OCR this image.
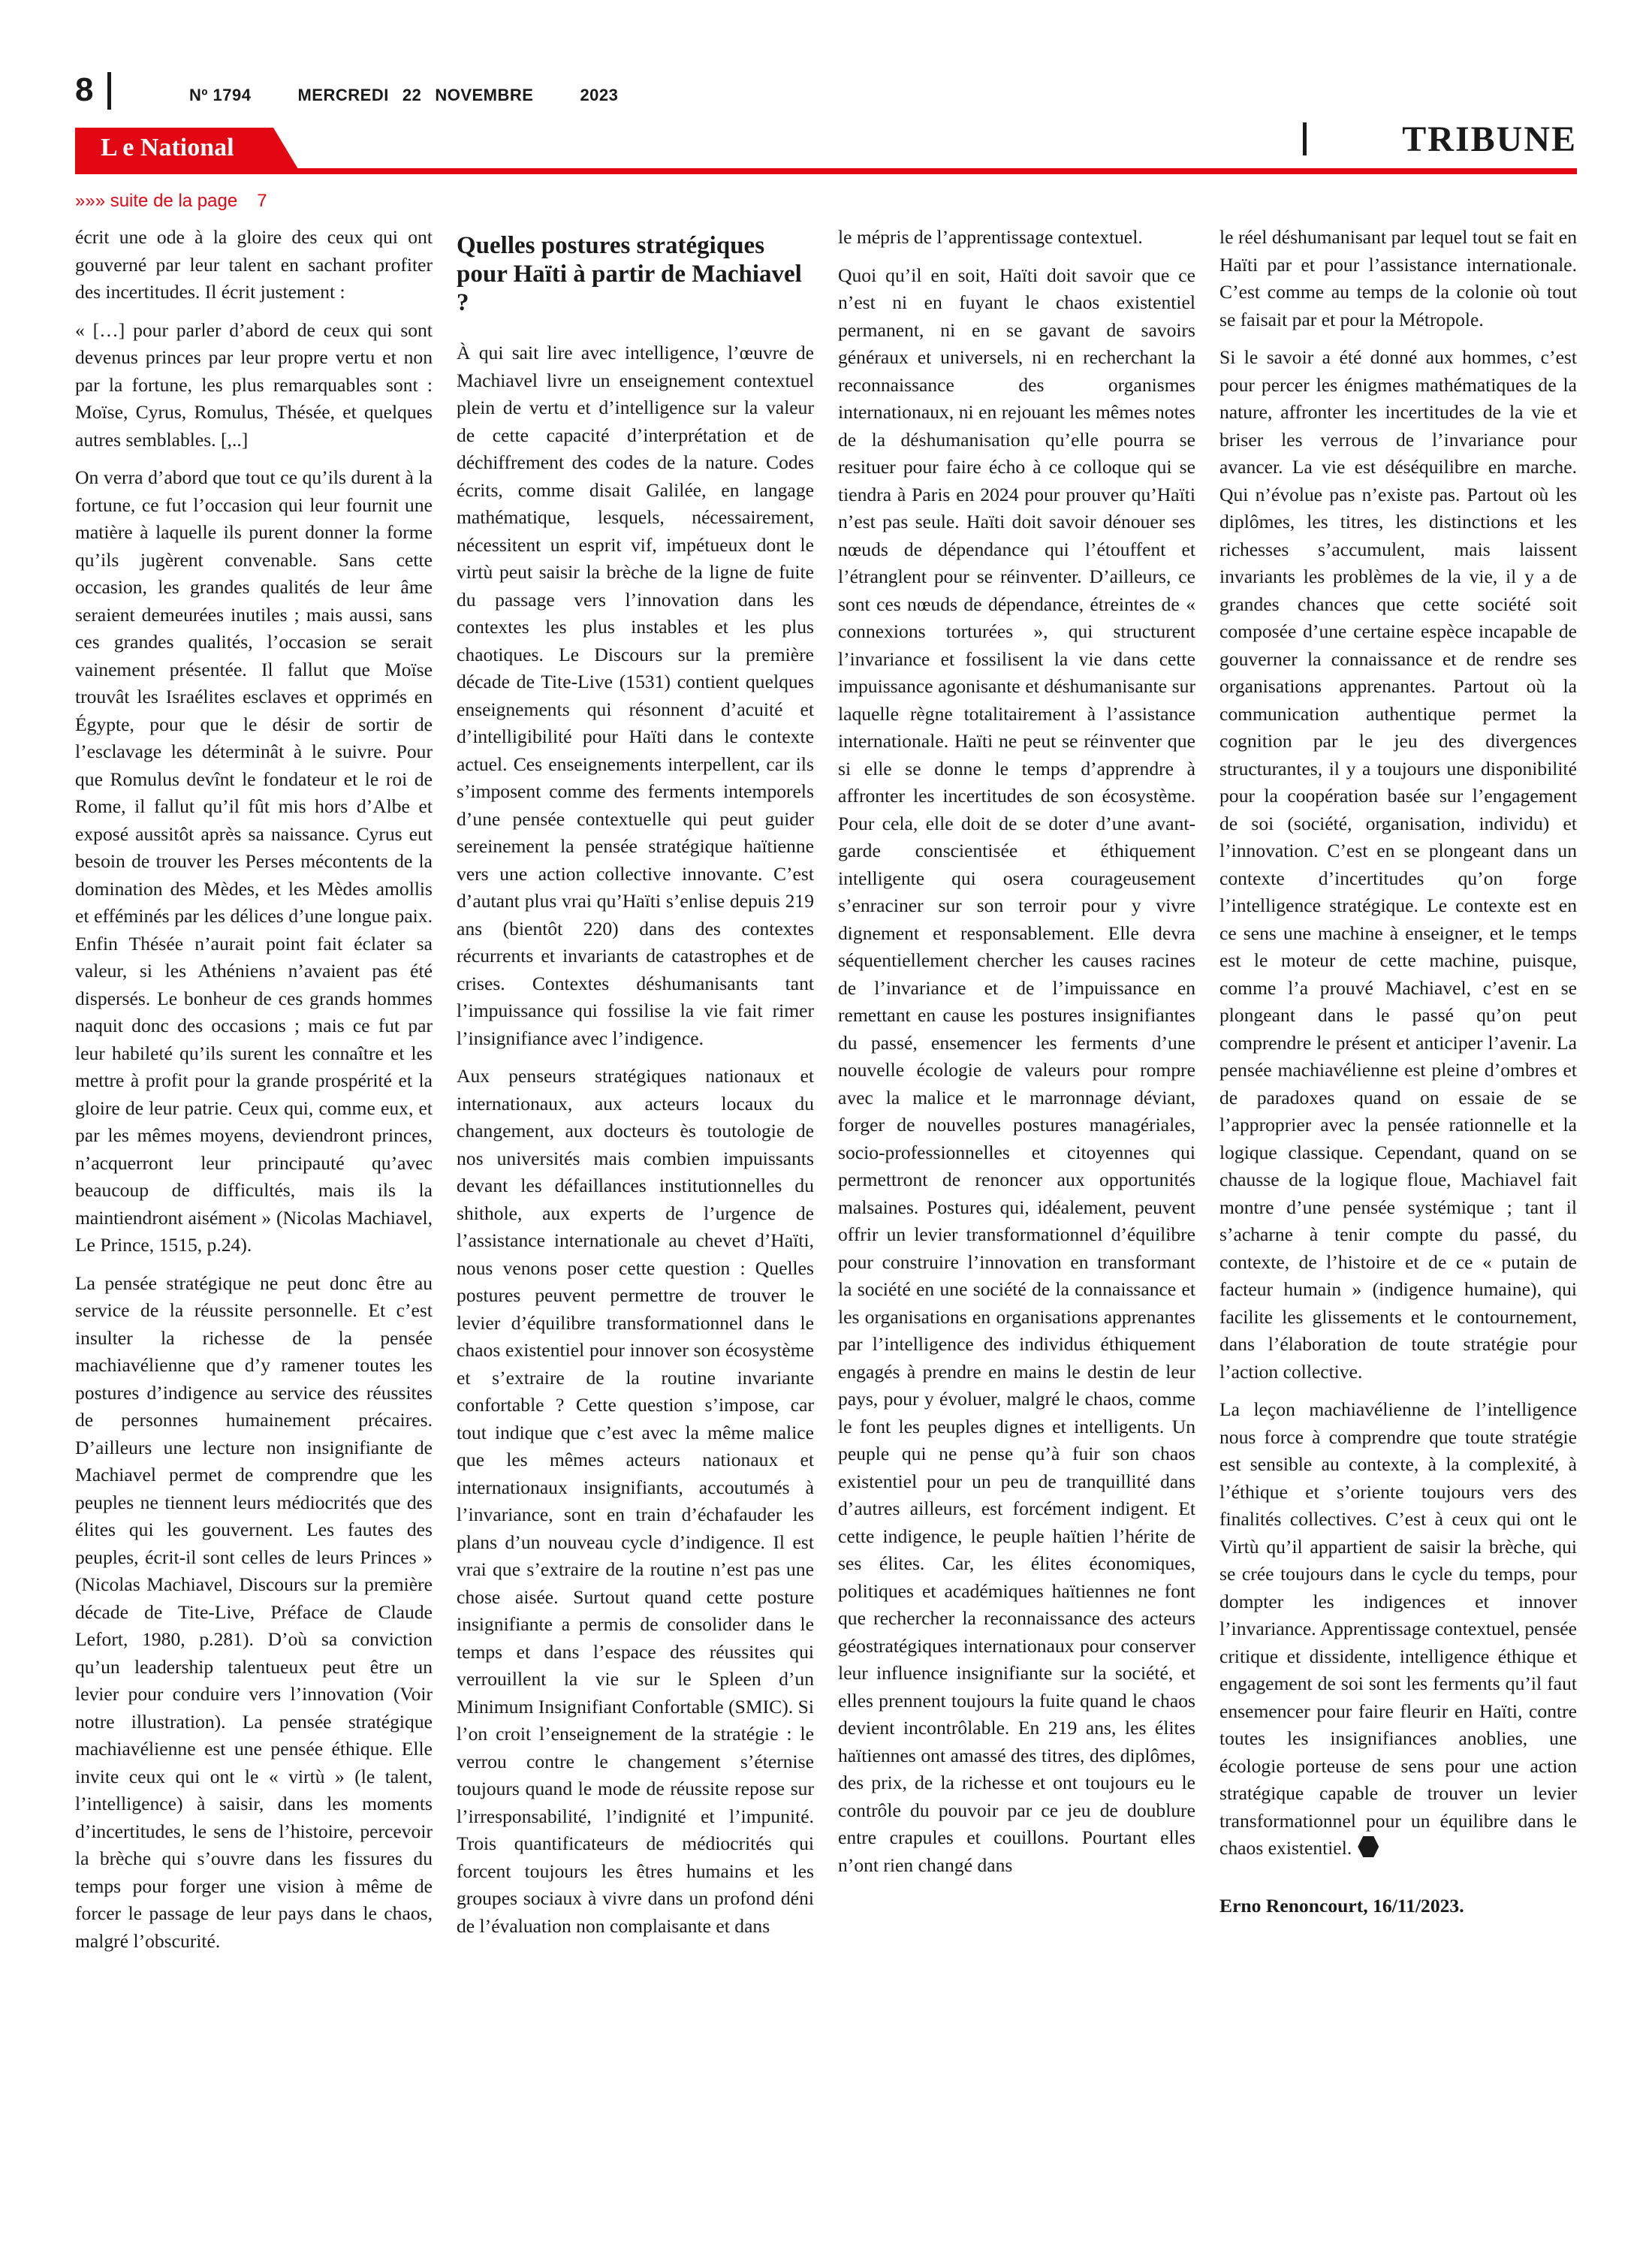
8	Nº 1794	MERCREDI 22 NOVEMBRE	2023
L e National	TRIBUNE
»»» suite de la page 7

écrit une ode à la gloire des ceux qui ont gouverné par leur talent en sachant profiter des incertitudes. Il écrit justement :

« […] pour parler d’abord de ceux qui sont devenus princes par leur propre vertu et non par la fortune, les plus remarquables sont : Moïse, Cyrus, Romulus, Thésée, et quelques autres semblables. [,..]

On verra d’abord que tout ce qu’ils durent à la fortune, ce fut l’occasion qui leur fournit une matière à laquelle ils purent donner la forme qu’ils jugèrent convenable. Sans cette occasion, les grandes qualités de leur âme seraient demeurées inutiles ; mais aussi, sans ces grandes qualités, l’occasion se serait vainement présentée. Il fallut que Moïse trouvât les Israélites esclaves et opprimés en Égypte, pour que le désir de sortir de l’esclavage les déterminât à le suivre. Pour que Romulus devînt le fondateur et le roi de Rome, il fallut qu’il fût mis hors d’Albe et exposé aussitôt après sa naissance. Cyrus eut besoin de trouver les Perses mécontents de la domination des Mèdes, et les Mèdes amollis et efféminés par les délices d’une longue paix. Enfin Thésée n’aurait point fait éclater sa valeur, si les Athéniens n’avaient pas été dispersés. Le bonheur de ces grands hommes naquit donc des occasions ; mais ce fut par leur habileté qu’ils surent les connaître et les mettre à profit pour la grande prospérité et la gloire de leur patrie. Ceux qui, comme eux, et par les mêmes moyens, deviendront princes, n’acquerront leur principauté qu’avec beaucoup de difficultés, mais ils la maintiendront aisément » (Nicolas Machiavel, Le Prince, 1515, p.24).

La pensée stratégique ne peut donc être au service de la réussite personnelle. Et c’est insulter la richesse de la pensée machiavélienne que d’y ramener toutes les postures d’indigence au service des réussites de personnes humainement précaires. D’ailleurs une lecture non insignifiante de Machiavel permet de comprendre que les peuples ne tiennent leurs médiocrités que des élites qui les gouvernent. Les fautes des peuples, écrit-il sont celles de leurs Princes » (Nicolas Machiavel, Discours sur la première décade de Tite-Live, Préface de Claude Lefort, 1980, p.281). D’où sa conviction qu’un leadership talentueux peut être un levier pour conduire vers l’innovation (Voir notre illustration). La pensée stratégique machiavélienne est une pensée éthique. Elle invite ceux qui ont le « virtù » (le talent, l’intelligence) à saisir, dans les moments d’incertitudes, le sens de l’histoire, percevoir la brèche qui s’ouvre dans les fissures du temps pour forger une vision à même de forcer le passage de leur pays dans le chaos, malgré l’obscurité.

Quelles postures stratégiques pour Haïti à partir de Machiavel ?

À qui sait lire avec intelligence, l’œuvre de Machiavel livre un enseignement contextuel plein de vertu et d’intelligence sur la valeur de cette capacité d’interprétation et de déchiffrement des codes de la nature. Codes écrits, comme disait Galilée, en langage mathématique, lesquels, nécessairement, nécessitent un esprit vif, impétueux dont le virtù peut saisir la brèche de la ligne de fuite du passage vers l’innovation dans les contextes les plus instables et les plus chaotiques. Le Discours sur la première décade de Tite-Live (1531) contient quelques enseignements qui résonnent d’acuité et d’intelligibilité pour Haïti dans le contexte actuel. Ces enseignements interpellent, car ils s’imposent comme des ferments intemporels d’une pensée contextuelle qui peut guider sereinement la pensée stratégique haïtienne vers une action collective innovante. C’est d’autant plus vrai qu’Haïti s’enlise depuis 219 ans (bientôt 220) dans des contextes récurrents et invariants de catastrophes et de crises. Contextes déshumanisants tant l’impuissance qui fossilise la vie fait rimer l’insignifiance avec l’indigence.

Aux penseurs stratégiques nationaux et internationaux, aux acteurs locaux du changement, aux docteurs ès toutologie de nos universités mais combien impuissants devant les défaillances institutionnelles du shithole, aux experts de l’urgence de l’assistance internationale au chevet d’Haïti, nous venons poser cette question : Quelles postures peuvent permettre de trouver le levier d’équilibre transformationnel dans le chaos existentiel pour innover son écosystème et s’extraire de la routine invariante confortable ? Cette question s’impose, car tout indique que c’est avec la même malice que les mêmes acteurs nationaux et internationaux insignifiants, accoutumés à l’invariance, sont en train d’échafauder les plans d’un nouveau cycle d’indigence. Il est vrai que s’extraire de la routine n’est pas une chose aisée. Surtout quand cette posture insignifiante a permis de consolider dans le temps et dans l’espace des réussites qui verrouillent la vie sur le Spleen d’un Minimum Insignifiant Confortable (SMIC). Si l’on croit l’enseignement de la stratégie : le verrou contre le changement s’éternise toujours quand le mode de réussite repose sur l’irresponsabilité, l’indignité et l’impunité. Trois quantificateurs de médiocrités qui forcent toujours les êtres humains et les groupes sociaux à vivre dans un profond déni de l’évaluation non complaisante et dans

le mépris de l’apprentissage contextuel.

Quoi qu’il en soit, Haïti doit savoir que ce n’est ni en fuyant le chaos existentiel permanent, ni en se gavant de savoirs généraux et universels, ni en recherchant la reconnaissance des organismes internationaux, ni en rejouant les mêmes notes de la déshumanisation qu’elle pourra se resituer pour faire écho à ce colloque qui se tiendra à Paris en 2024 pour prouver qu’Haïti n’est pas seule. Haïti doit savoir dénouer ses nœuds de dépendance qui l’étouffent et l’étranglent pour se réinventer. D’ailleurs, ce sont ces nœuds de dépendance, étreintes de « connexions torturées », qui structurent l’invariance et fossilisent la vie dans cette impuissance agonisante et déshumanisante sur laquelle règne totalitairement à l’assistance internationale. Haïti ne peut se réinventer que si elle se donne le temps d’apprendre à affronter les incertitudes de son écosystème. Pour cela, elle doit de se doter d’une avant-garde conscientisée et éthiquement intelligente qui osera courageusement s’enraciner sur son terroir pour y vivre dignement et responsablement. Elle devra séquentiellement chercher les causes racines de l’invariance et de l’impuissance en remettant en cause les postures insignifiantes du passé, ensemencer les ferments d’une nouvelle écologie de valeurs pour rompre avec la malice et le marronnage déviant, forger de nouvelles postures managériales, socio-professionnelles et citoyennes qui permettront de renoncer aux opportunités malsaines. Postures qui, idéalement, peuvent offrir un levier transformationnel d’équilibre pour construire l’innovation en transformant la société en une société de la connaissance et les organisations en organisations apprenantes par l’intelligence des individus éthiquement engagés à prendre en mains le destin de leur pays, pour y évoluer, malgré le chaos, comme le font les peuples dignes et intelligents. Un peuple qui ne pense qu’à fuir son chaos existentiel pour un peu de tranquillité dans d’autres ailleurs, est forcément indigent. Et cette indigence, le peuple haïtien l’hérite de ses élites. Car, les élites économiques, politiques et académiques haïtiennes ne font que rechercher la reconnaissance des acteurs géostratégiques internationaux pour conserver leur influence insignifiante sur la société, et elles prennent toujours la fuite quand le chaos devient incontrôlable. En 219 ans, les élites haïtiennes ont amassé des titres, des diplômes, des prix, de la richesse et ont toujours eu le contrôle du pouvoir par ce jeu de doublure entre crapules et couillons. Pourtant elles n’ont rien changé dans

le réel déshumanisant par lequel tout se fait en Haïti par et pour l’assistance internationale. C’est comme au temps de la colonie où tout se faisait par et pour la Métropole.

Si le savoir a été donné aux hommes, c’est pour percer les énigmes mathématiques de la nature, affronter les incertitudes de la vie et briser les verrous de l’invariance pour avancer. La vie est déséquilibre en marche. Qui n’évolue pas n’existe pas. Partout où les diplômes, les titres, les distinctions et les richesses s’accumulent, mais laissent invariants les problèmes de la vie, il y a de grandes chances que cette société soit composée d’une certaine espèce incapable de gouverner la connaissance et de rendre ses organisations apprenantes. Partout où la communication authentique permet la cognition par le jeu des divergences structurantes, il y a toujours une disponibilité pour la coopération basée sur l’engagement de soi (société, organisation, individu) et l’innovation. C’est en se plongeant dans un contexte d’incertitudes qu’on forge l’intelligence stratégique. Le contexte est en ce sens une machine à enseigner, et le temps est le moteur de cette machine, puisque, comme l’a prouvé Machiavel, c’est en se plongeant dans le passé qu’on peut comprendre le présent et anticiper l’avenir. La pensée machiavélienne est pleine d’ombres et de paradoxes quand on essaie de se l’approprier avec la pensée rationnelle et la logique classique. Cependant, quand on se chausse de la logique floue, Machiavel fait montre d’une pensée systémique ; tant il s’acharne à tenir compte du passé, du contexte, de l’histoire et de ce « putain de facteur humain » (indigence humaine), qui facilite les glissements et le contournement, dans l’élaboration de toute stratégie pour l’action collective.

La leçon machiavélienne de l’intelligence nous force à comprendre que toute stratégie est sensible au contexte, à la complexité, à l’éthique et s’oriente toujours vers des finalités collectives. C’est à ceux qui ont le Virtù qu’il appartient de saisir la brèche, qui se crée toujours dans le cycle du temps, pour dompter les indigences et innover l’invariance. Apprentissage contextuel, pensée critique et dissidente, intelligence éthique et engagement de soi sont les ferments qu’il faut ensemencer pour faire fleurir en Haïti, contre toutes les insignifiances anoblies, une écologie porteuse de sens pour une action stratégique capable de trouver un levier transformationnel pour un équilibre dans le chaos existentiel.

Erno Renoncourt, 16/11/2023.
